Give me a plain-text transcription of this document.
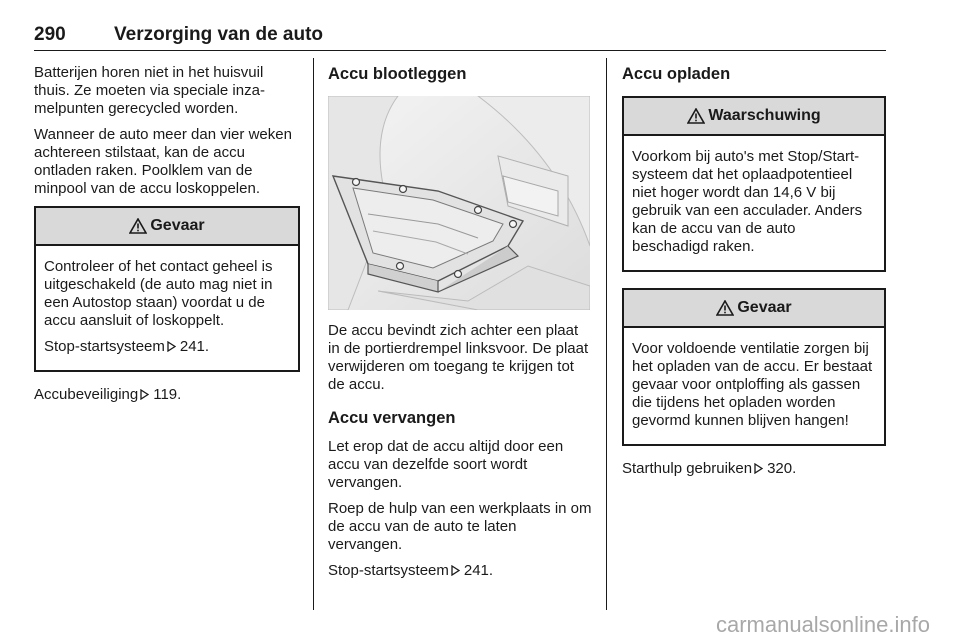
290	Verzorging van de auto

Batterijen horen niet in het huisvuil thuis. Ze moeten via speciale inzamelpunten gerecycled worden.

Wanneer de auto meer dan vier weken achtereen stilstaat, kan de accu ontladen raken. Poolklem van de minpool van de accu loskoppelen.

Gevaar

Controleer of het contact geheel is uitgeschakeld (de auto mag niet in een Autostop staan) voordat u de accu aansluit of loskoppelt.

Stop-startsysteem 241.

Accubeveiliging 119.

Accu blootleggen

De accu bevindt zich achter een plaat in de portierdrempel linksvoor. De plaat verwijderen om toegang te krijgen tot de accu.

Accu vervangen

Let erop dat de accu altijd door een accu van dezelfde soort wordt vervangen.

Roep de hulp van een werkplaats in om de accu van de auto te laten vervangen.

Stop-startsysteem 241.

Accu opladen
Waarschuwing

Voorkom bij auto's met Stop/Start-systeem dat het oplaadpotentieel niet hoger wordt dan 14,6 V bij gebruik van een acculader. Anders kan de accu van de auto beschadigd raken.

Gevaar

Voor voldoende ventilatie zorgen bij het opladen van de accu. Er bestaat gevaar voor ontploffing als gassen die tijdens het opladen worden gevormd kunnen blijven hangen!

Starthulp gebruiken 320.

carmanualsonline.info
